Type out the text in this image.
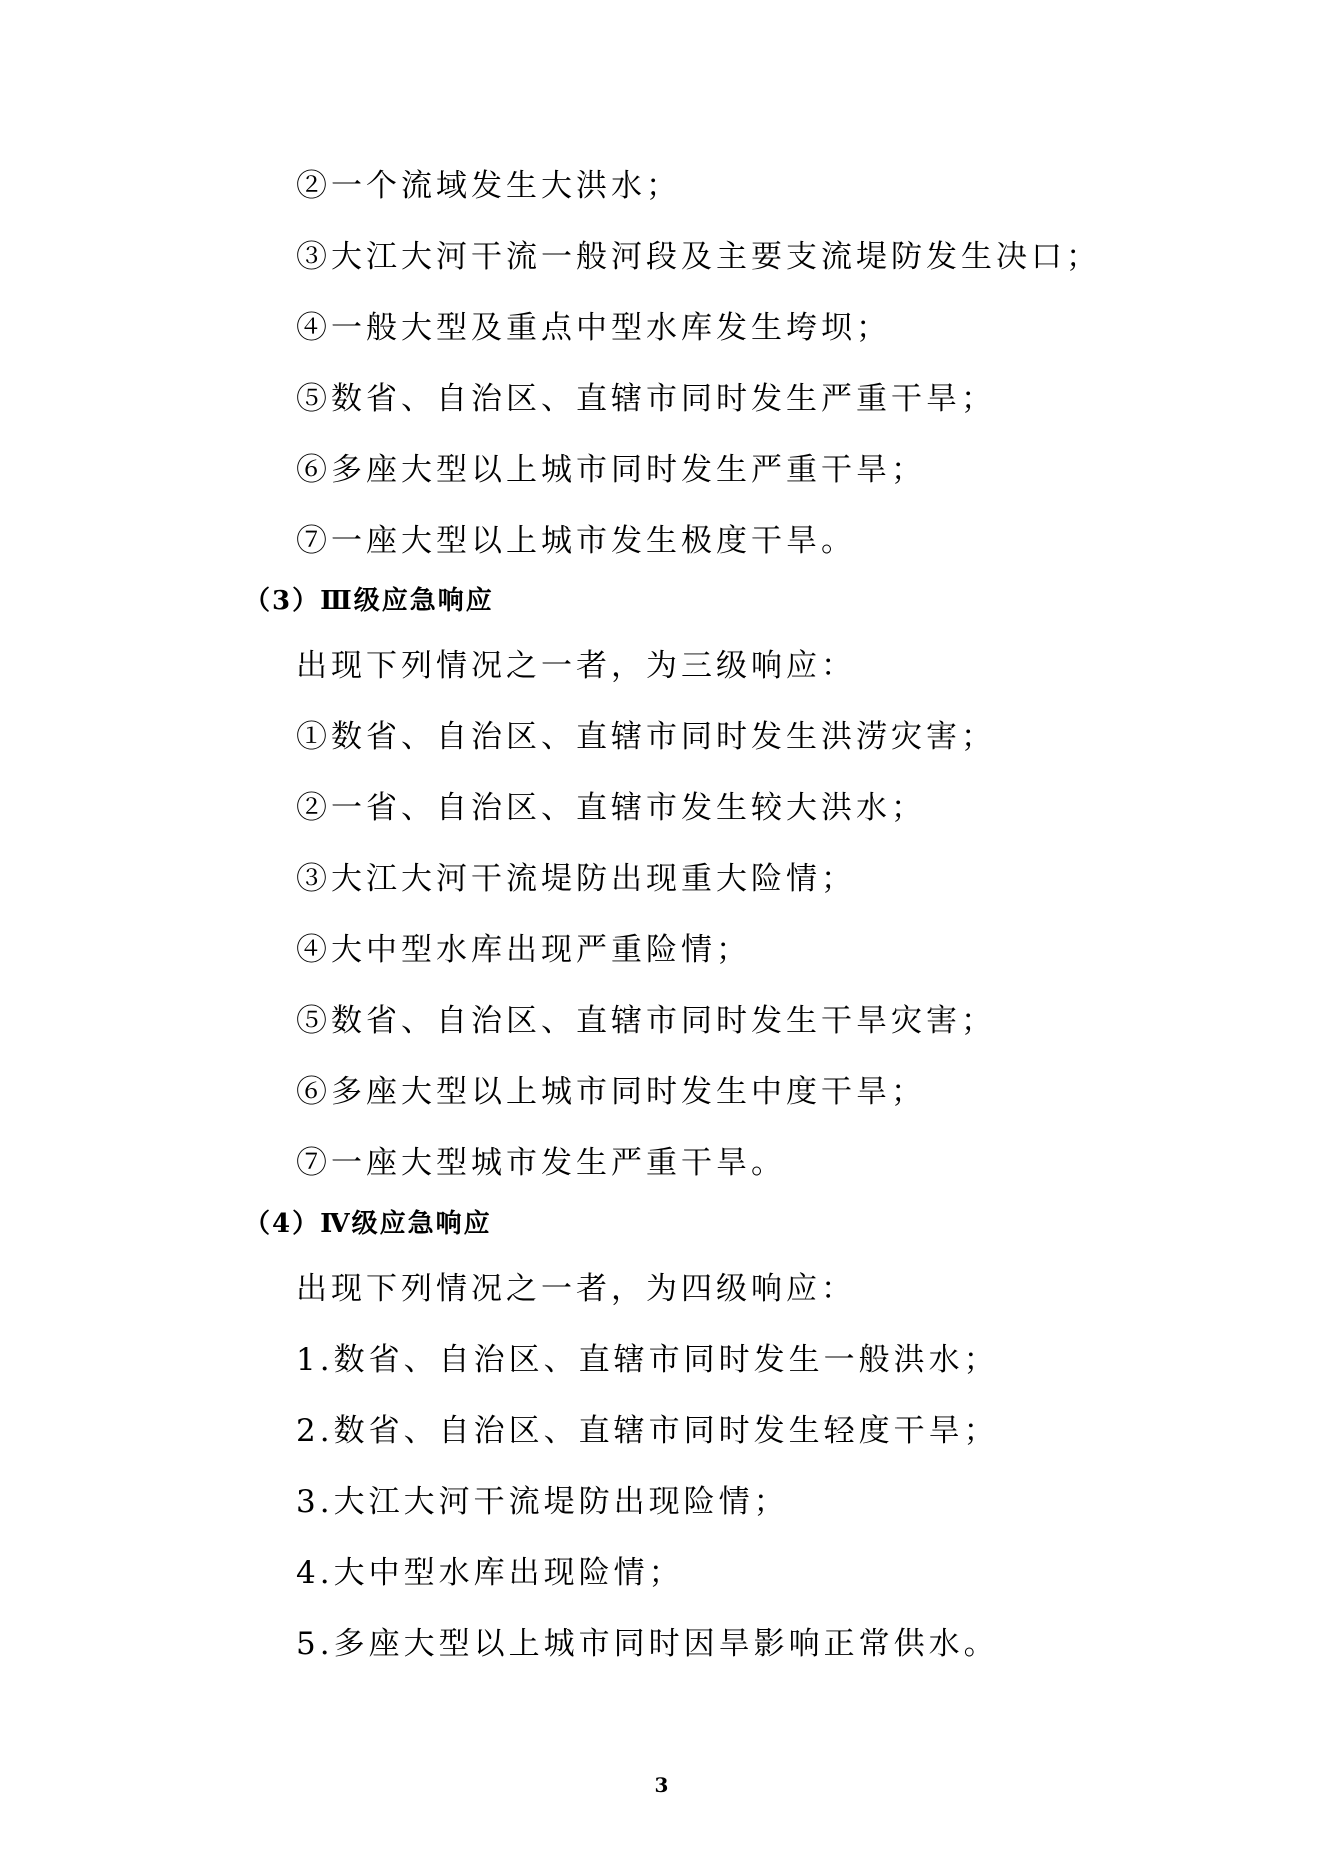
②一个流域发生大洪水；
③大江大河干流一般河段及主要支流堤防发生决口；
④一般大型及重点中型水库发生垮坝；
⑤数省、自治区、直辖市同时发生严重干旱；
⑥多座大型以上城市同时发生严重干旱；
⑦一座大型以上城市发生极度干旱。
（3）Ⅲ级应急响应
出现下列情况之一者，为三级响应：
①数省、自治区、直辖市同时发生洪涝灾害；
②一省、自治区、直辖市发生较大洪水；
③大江大河干流堤防出现重大险情；
④大中型水库出现严重险情；
⑤数省、自治区、直辖市同时发生干旱灾害；
⑥多座大型以上城市同时发生中度干旱；
⑦一座大型城市发生严重干旱。
（4）Ⅳ级应急响应
出现下列情况之一者，为四级响应：
1.数省、自治区、直辖市同时发生一般洪水；
2.数省、自治区、直辖市同时发生轻度干旱；
3.大江大河干流堤防出现险情；
4.大中型水库出现险情；
5.多座大型以上城市同时因旱影响正常供水。
3
